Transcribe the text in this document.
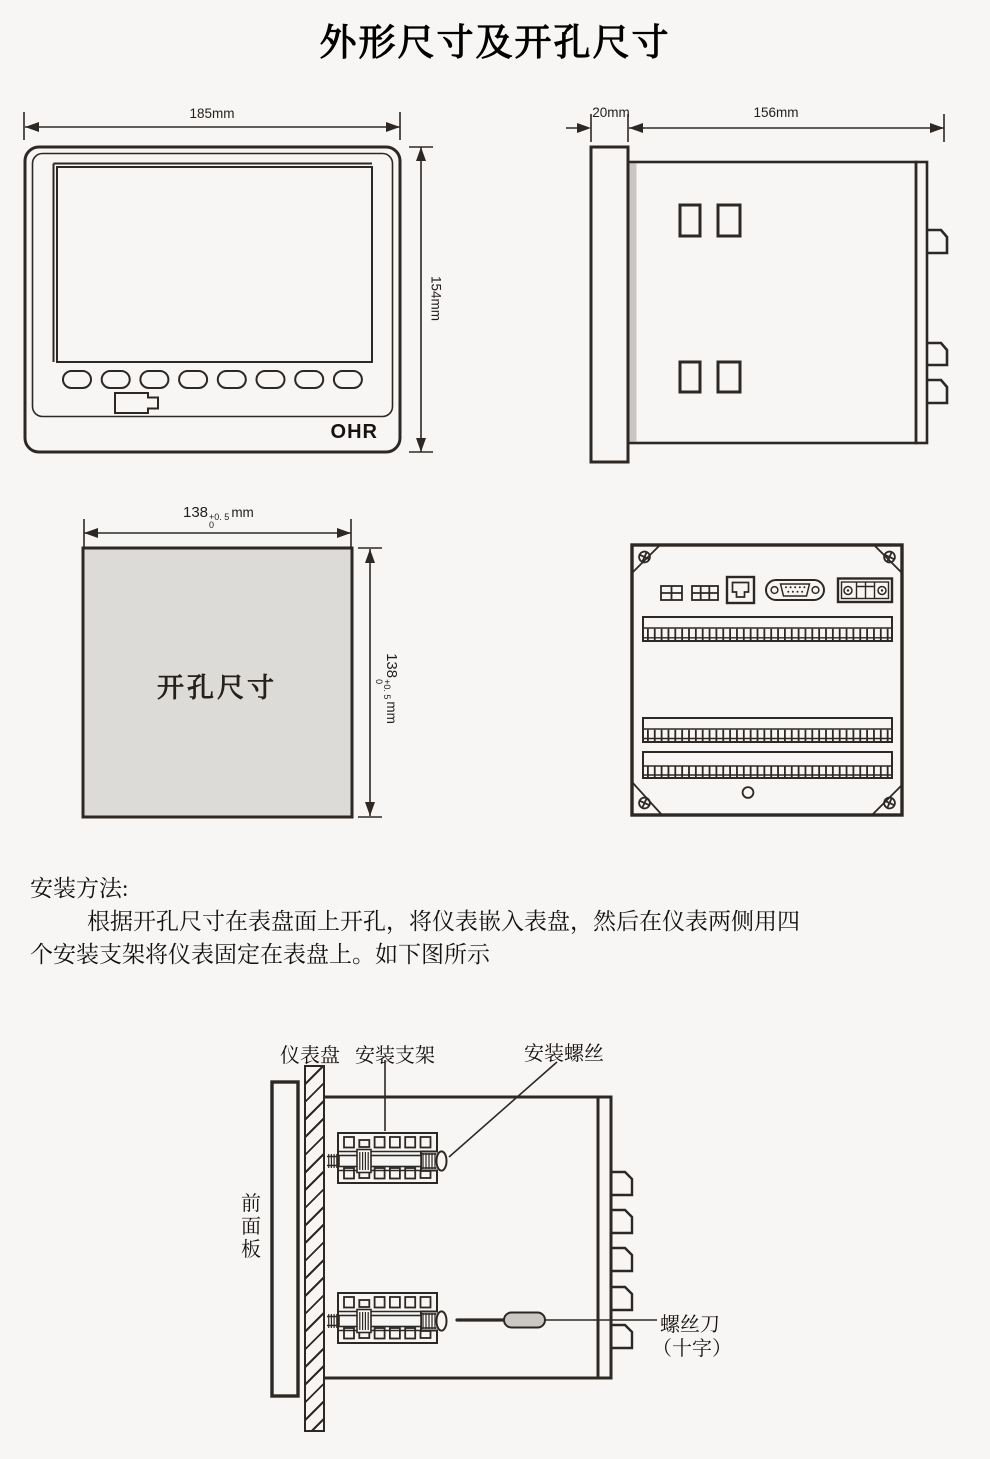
外形尺寸及开孔尺寸
185mm
154mm
OHR
20mm	156mm
138 +0. 5
0
mm
138
+0. 5
0
mm
开孔尺寸
安装方法:
根据开孔尺寸在表盘面上开孔，将仪表嵌入表盘，然后在仪表两侧用四
个安装支架将仪表固定在表盘上。如下图所示
仪表盘 安装支架	安装螺丝
前面板
螺丝刀
（十字）
